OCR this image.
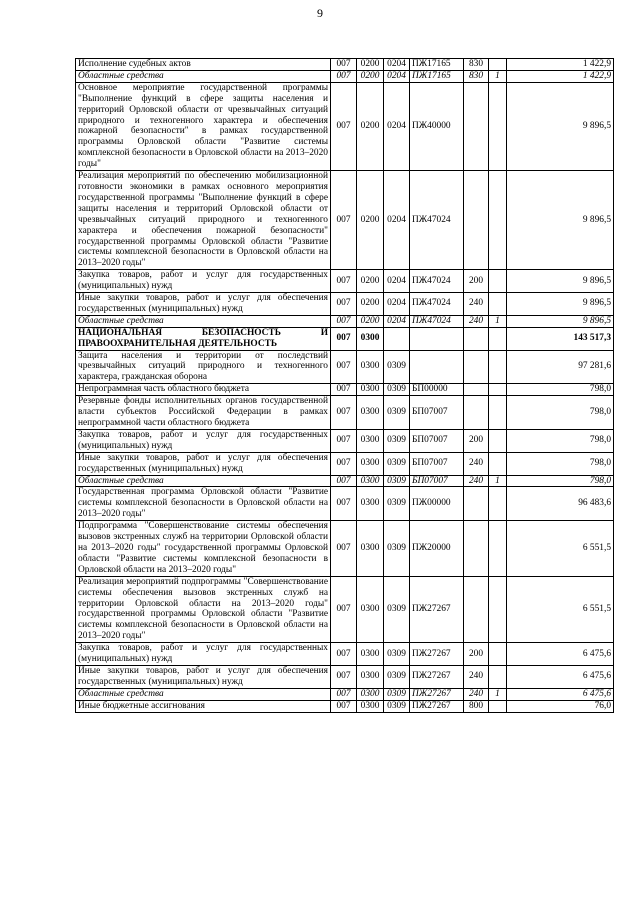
9
Исполнение судебных актов	007	0200	0204	ПЖ17165	830		1 422,9
Областные средства	007	0200	0204	ПЖ17165	830	1	1 422,9
Основное мероприятие государственной программы "Выполнение функций в сфере защиты населения и территорий Орловской области от чрезвычайных ситуаций природного и техногенного характера и обеспечения пожарной безопасности" в рамках государственной программы Орловской области "Развитие системы комплексной безопасности в Орловской области на 2013–2020 годы"	007	0200	0204	ПЖ40000			9 896,5
Реализация мероприятий по обеспечению мобилизационной готовности экономики в рамках основного мероприятия государственной программы "Выполнение функций в сфере защиты населения и территорий Орловской области от чрезвычайных ситуаций природного и техногенного характера и обеспечения пожарной безопасности" государственной программы Орловской области "Развитие системы комплексной безопасности в Орловской области на 2013–2020 годы"	007	0200	0204	ПЖ47024			9 896,5
Закупка товаров, работ и услуг для государственных (муниципальных) нужд	007	0200	0204	ПЖ47024	200		9 896,5
Иные закупки товаров, работ и услуг для обеспечения государственных (муниципальных) нужд	007	0200	0204	ПЖ47024	240		9 896,5
Областные средства	007	0200	0204	ПЖ47024	240	1	9 896,5
НАЦИОНАЛЬНАЯ БЕЗОПАСНОСТЬ И ПРАВООХРАНИТЕЛЬНАЯ ДЕЯТЕЛЬНОСТЬ	007	0300					143 517,3
Защита населения и территории от последствий чрезвычайных ситуаций природного и техногенного характера, гражданская оборона	007	0300	0309				97 281,6
Непрограммная часть областного бюджета	007	0300	0309	БП00000			798,0
Резервные фонды исполнительных органов государственной власти субъектов Российской Федерации в рамках непрограммной части областного бюджета	007	0300	0309	БП07007			798,0
Закупка товаров, работ и услуг для государственных (муниципальных) нужд	007	0300	0309	БП07007	200		798,0
Иные закупки товаров, работ и услуг для обеспечения государственных (муниципальных) нужд	007	0300	0309	БП07007	240		798,0
Областные средства	007	0300	0309	БП07007	240	1	798,0
Государственная программа Орловской области "Развитие системы комплексной безопасности в Орловской области на 2013–2020 годы"	007	0300	0309	ПЖ00000			96 483,6
Подпрограмма "Совершенствование системы обеспечения вызовов экстренных служб на территории Орловской области на 2013–2020 годы" государственной программы Орловской области "Развитие системы комплексной безопасности в Орловской области на 2013–2020 годы"	007	0300	0309	ПЖ20000			6 551,5
Реализация мероприятий подпрограммы "Совершенствование системы обеспечения вызовов экстренных служб на территории Орловской области на 2013–2020 годы" государственной программы Орловской области "Развитие системы комплексной безопасности в Орловской области на 2013–2020 годы"	007	0300	0309	ПЖ27267			6 551,5
Закупка товаров, работ и услуг для государственных (муниципальных) нужд	007	0300	0309	ПЖ27267	200		6 475,6
Иные закупки товаров, работ и услуг для обеспечения государственных (муниципальных) нужд	007	0300	0309	ПЖ27267	240		6 475,6
Областные средства	007	0300	0309	ПЖ27267	240	1	6 475,6
Иные бюджетные ассигнования	007	0300	0309	ПЖ27267	800		76,0
